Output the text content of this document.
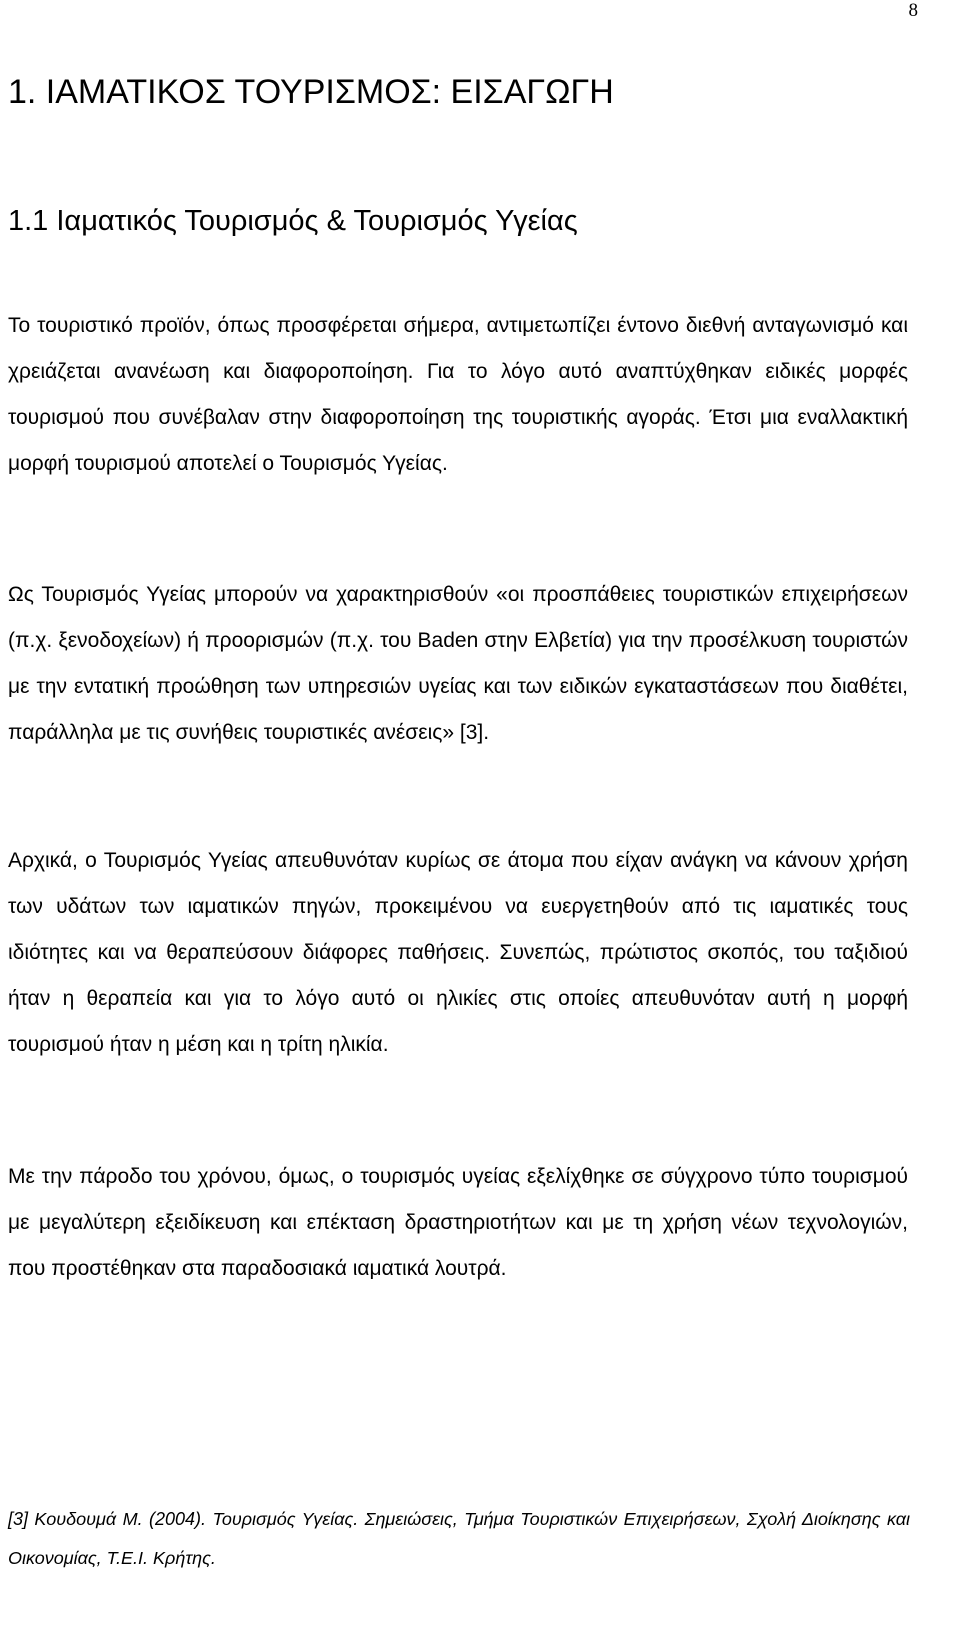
8
1. ΙΑΜΑΤΙΚΟΣ ΤΟΥΡΙΣΜΟΣ: ΕΙΣΑΓΩΓΗ
1.1 Ιαματικός Τουρισμός & Τουρισμός Υγείας

Το τουριστικό προϊόν, όπως προσφέρεται σήμερα, αντιμετωπίζει έντονο διεθνή ανταγωνισμό και χρειάζεται ανανέωση και διαφοροποίηση. Για το λόγο αυτό αναπτύχθηκαν ειδικές μορφές τουρισμού που συνέβαλαν στην διαφοροποίηση της τουριστικής αγοράς. Έτσι μια εναλλακτική μορφή τουρισμού αποτελεί ο Τουρισμός Υγείας.

Ως Τουρισμός Υγείας μπορούν να χαρακτηρισθούν «οι προσπάθειες τουριστικών επιχειρήσεων (π.χ. ξενοδοχείων) ή προορισμών (π.χ. του Baden στην Ελβετία) για την προσέλκυση τουριστών με την εντατική προώθηση των υπηρεσιών υγείας και των ειδικών εγκαταστάσεων που διαθέτει, παράλληλα με τις συνήθεις τουριστικές ανέσεις» [3].

Αρχικά, ο Τουρισμός Υγείας απευθυνόταν κυρίως σε άτομα που είχαν ανάγκη να κάνουν χρήση των υδάτων των ιαματικών πηγών, προκειμένου να ευεργετηθούν από τις ιαματικές τους ιδιότητες και να θεραπεύσουν διάφορες παθήσεις. Συνεπώς, πρώτιστος σκοπός, του ταξιδιού ήταν η θεραπεία και για το λόγο αυτό οι ηλικίες στις οποίες απευθυνόταν αυτή η μορφή τουρισμού ήταν η μέση και η τρίτη ηλικία.

Με την πάροδο του χρόνου, όμως, ο τουρισμός υγείας εξελίχθηκε σε σύγχρονο τύπο τουρισμού με μεγαλύτερη εξειδίκευση και επέκταση δραστηριοτήτων και με τη χρήση νέων τεχνολογιών, που προστέθηκαν στα παραδοσιακά ιαματικά λουτρά.

[3] Κουδουμά Μ. (2004). Τουρισμός Υγείας. Σημειώσεις, Τμήμα Τουριστικών Επιχειρήσεων, Σχολή Διοίκησης και Οικονομίας, Τ.Ε.Ι. Κρήτης.
